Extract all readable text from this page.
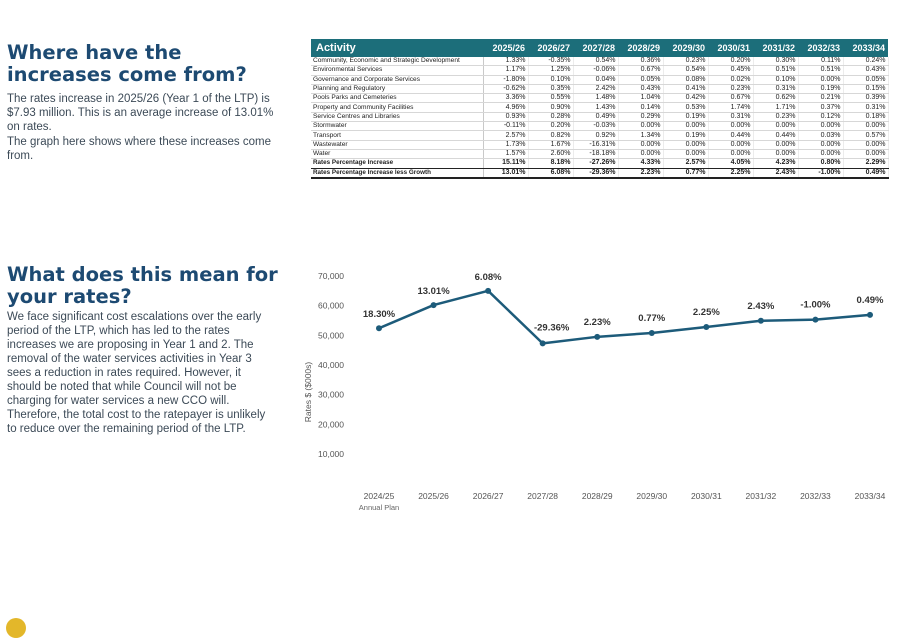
Where have the increases come from?

The rates increase in 2025/26 (Year 1 of the LTP) is $7.93 million. This is an average increase of 13.01% on rates.

The graph here shows where these increases come from.

What does this mean for your rates?

We face significant cost escalations over the early period of the LTP, which has led to the rates increases we are proposing in Year 1 and 2. The removal of the water services activities in Year 3 sees a reduction in rates required. However, it should be noted that while Council will not be charging for water services a new CCO will. Therefore, the total cost to the ratepayer is unlikely to reduce over the remaining period of the LTP.

Activity	2025/26	2026/27	2027/28	2028/29	2029/30	2030/31	2031/32	2032/33	2033/34
Community, Economic and Strategic Development	1.33%	-0.35%	0.54%	0.36%	0.23%	0.20%	0.30%	0.11%	0.24%
Environmental Services	1.17%	1.25%	-0.06%	0.67%	0.54%	0.45%	0.51%	0.51%	0.43%
Governance and Corporate Services	-1.80%	0.10%	0.04%	0.05%	0.08%	0.02%	0.10%	0.00%	0.05%
Planning and Regulatory	-0.62%	0.35%	2.42%	0.43%	0.41%	0.23%	0.31%	0.19%	0.15%
Pools Parks and Cemeteries	3.36%	0.55%	1.48%	1.04%	0.42%	0.67%	0.62%	0.21%	0.39%
Property and Community Facilities	4.96%	0.90%	1.43%	0.14%	0.53%	1.74%	1.71%	0.37%	0.31%
Service Centres and Libraries	0.93%	0.28%	0.49%	0.29%	0.19%	0.31%	0.23%	0.12%	0.18%
Stormwater	-0.11%	0.20%	-0.03%	0.00%	0.00%	0.00%	0.00%	0.00%	0.00%
Transport	2.57%	0.82%	0.92%	1.34%	0.19%	0.44%	0.44%	0.03%	0.57%
Wastewater	1.73%	1.67%	-16.31%	0.00%	0.00%	0.00%	0.00%	0.00%	0.00%
Water	1.57%	2.60%	-18.18%	0.00%	0.00%	0.00%	0.00%	0.00%	0.00%
Rates Percentage Increase	15.11%	8.18%	-27.26%	4.33%	2.57%	4.05%	4.23%	0.80%	2.29%
Rates Percentage Increase less Growth	13.01%	6.08%	-29.36%	2.23%	0.77%	2.25%	2.43%	-1.00%	0.49%
10,000
20,000
30,000
40,000
50,000
60,000
70,000
2024/25	2025/26	2026/27	2027/28	2028/29	2029/30	2030/31	2031/32	2032/33	2033/34
Annual Plan
18.30%
13.01%
6.08%
-29.36%
2.23%	0.77%
2.25%
2.43%	-1.00%	0.49%
Rates $ ($000s)
